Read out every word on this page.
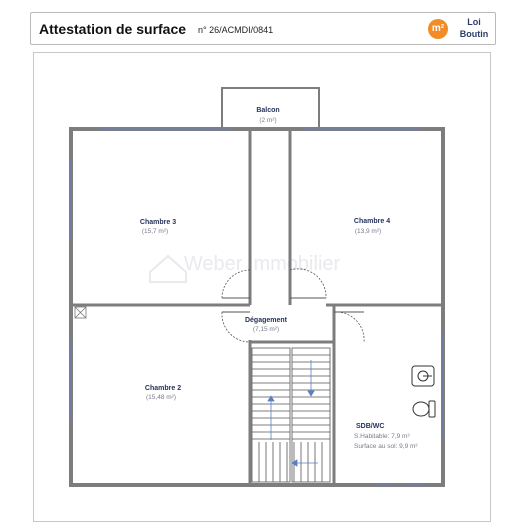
Attestation de surface n° 26/ACMDI/0841	m²
Loi
Boutin
Weber Immobilier
Balcon
(2 m²)
Chambre 3
(15,7 m²)
Chambre 4
(13,9 m²)
Dégagement
(7,15 m²)
Chambre 2
(15,48 m²)
SDB/WC
S.Habitable: 7,9 m²
Surface au sol: 9,9 m²
